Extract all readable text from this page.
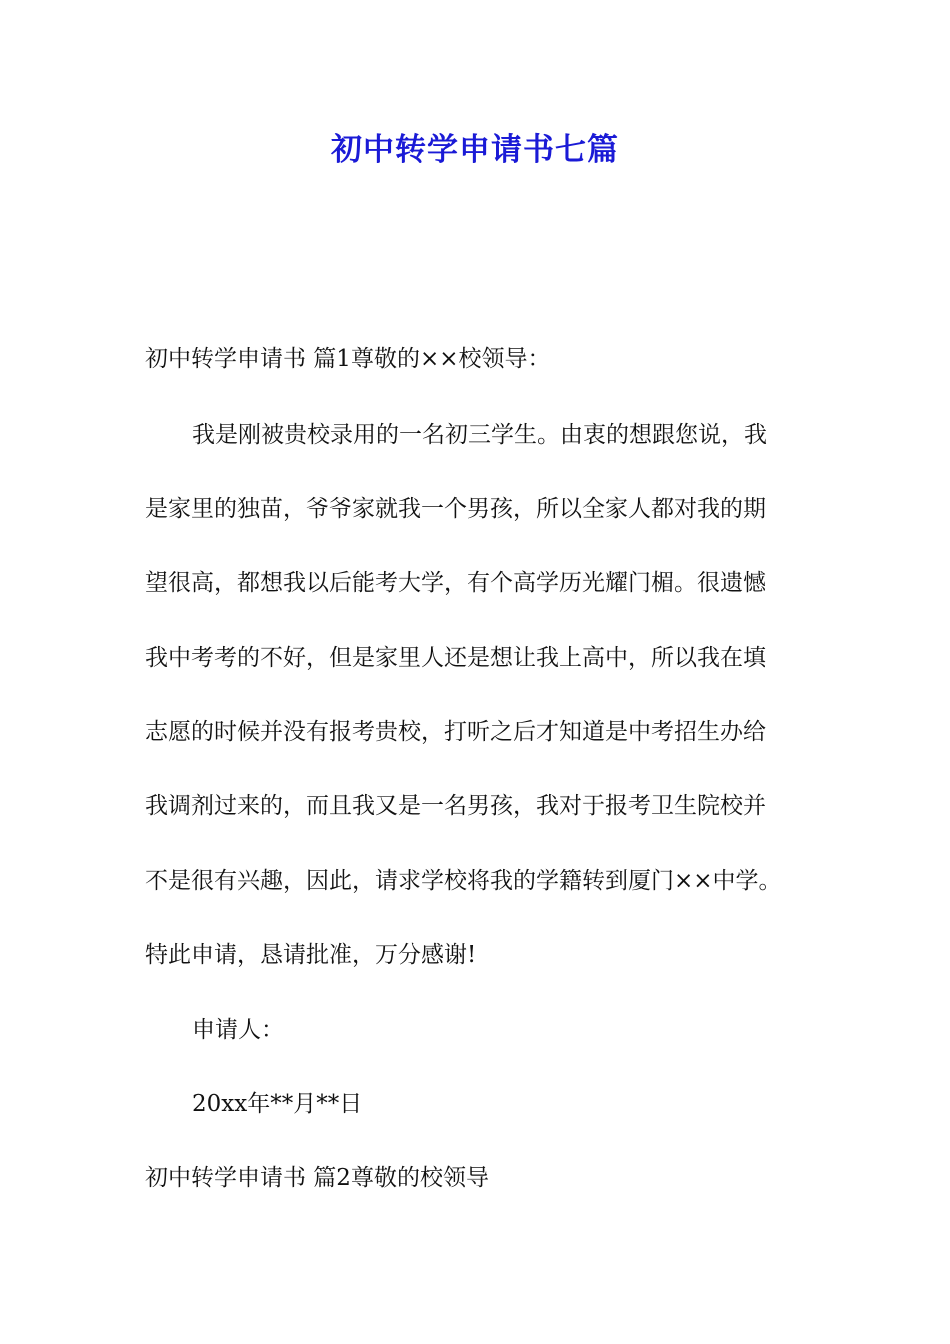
初中转学申请书七篇
初中转学申请书 篇1尊敬的××校领导：
我是刚被贵校录用的一名初三学生。由衷的想跟您说，我
是家里的独苗，爷爷家就我一个男孩，所以全家人都对我的期
望很高，都想我以后能考大学，有个高学历光耀门楣。很遗憾
我中考考的不好，但是家里人还是想让我上高中，所以我在填
志愿的时候并没有报考贵校，打听之后才知道是中考招生办给
我调剂过来的，而且我又是一名男孩，我对于报考卫生院校并
不是很有兴趣，因此，请求学校将我的学籍转到厦门××中学。
特此申请，恳请批准，万分感谢!
申请人：
20xx年**月**日
初中转学申请书 篇2尊敬的校领导
